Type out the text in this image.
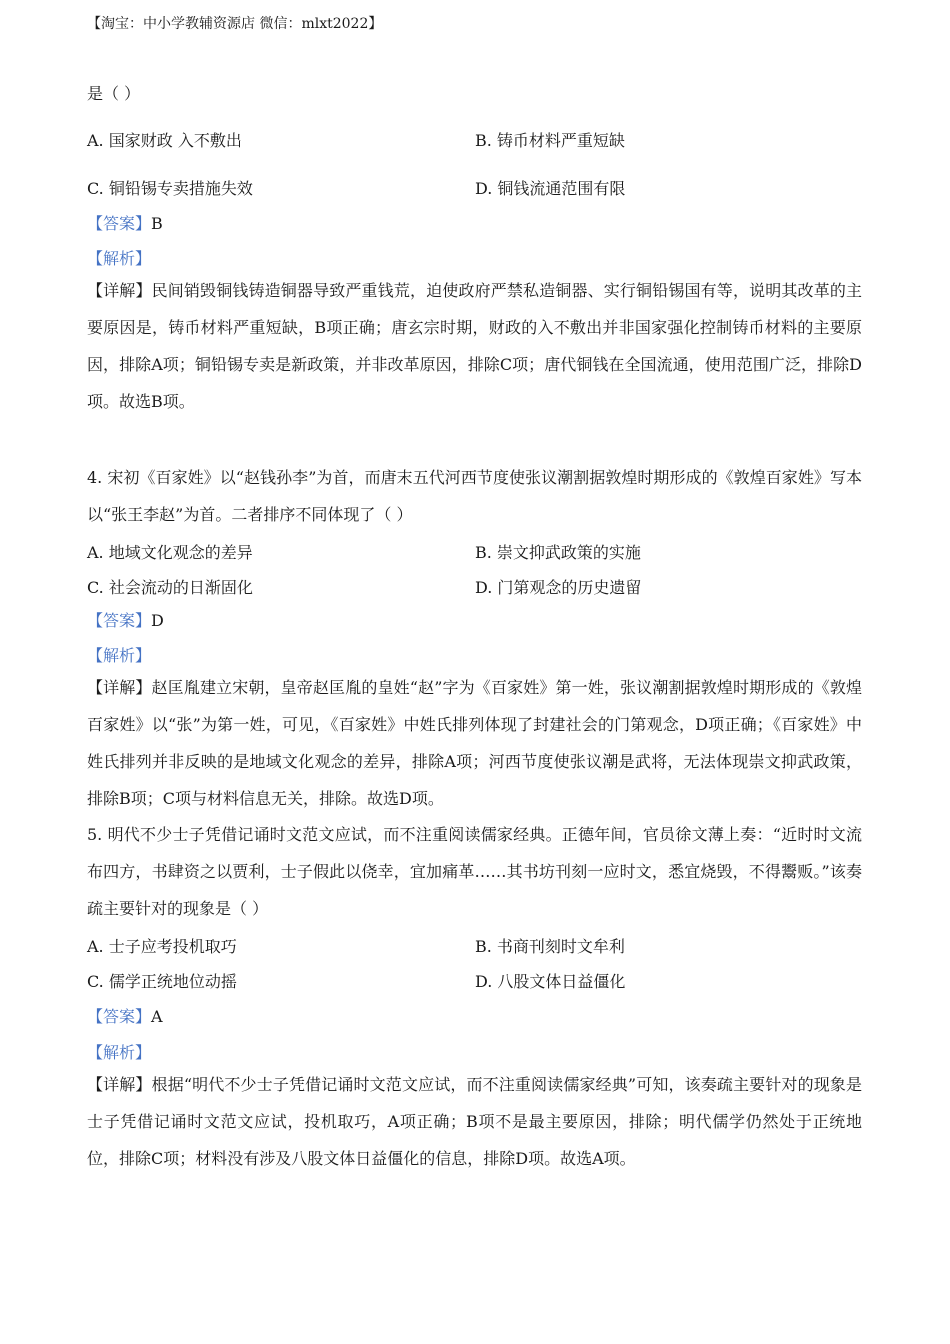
【淘宝：中小学教辅资源店 微信：mlxt2022】
是（ ）
A. 国家财政 入不敷出	B. 铸币材料严重短缺
C. 铜铅锡专卖措施失效	D. 铜钱流通范围有限
【答案】B
【解析】
【详解】民间销毁铜钱铸造铜器导致严重钱荒，迫使政府严禁私造铜器、实行铜铅锡国有等，说明其改革的主要原因是，铸币材料严重短缺，B项正确；唐玄宗时期，财政的入不敷出并非国家强化控制铸币材料的主要原因，排除A项；铜铅锡专卖是新政策，并非改革原因，排除C项；唐代铜钱在全国流通，使用范围广泛，排除D项。故选B项。
4. 宋初《百家姓》以“赵钱孙李”为首，而唐末五代河西节度使张议潮割据敦煌时期形成的《敦煌百家姓》写本以“张王李赵”为首。二者排序不同体现了（ ）
A. 地域文化观念的差异	B. 崇文抑武政策的实施
C. 社会流动的日渐固化	D. 门第观念的历史遗留
【答案】D
【解析】
【详解】赵匡胤建立宋朝，皇帝赵匡胤的皇姓“赵”字为《百家姓》第一姓，张议潮割据敦煌时期形成的《敦煌百家姓》以“张”为第一姓，可见，《百家姓》中姓氏排列体现了封建社会的门第观念，D项正确；《百家姓》中姓氏排列并非反映的是地域文化观念的差异，排除A项；河西节度使张议潮是武将，无法体现崇文抑武政策，排除B项；C项与材料信息无关，排除。故选D项。
5. 明代不少士子凭借记诵时文范文应试，而不注重阅读儒家经典。正德年间，官员徐文薄上奏：“近时时文流布四方，书肆资之以贾利，士子假此以侥幸，宜加痛革……其书坊刊刻一应时文，悉宜烧毁，不得鬻贩。”该奏疏主要针对的现象是（ ）
A. 士子应考投机取巧	B. 书商刊刻时文牟利
C. 儒学正统地位动摇	D. 八股文体日益僵化
【答案】A
【解析】
【详解】根据“明代不少士子凭借记诵时文范文应试，而不注重阅读儒家经典”可知，该奏疏主要针对的现象是士子凭借记诵时文范文应试，投机取巧，A项正确；B项不是最主要原因，排除；明代儒学仍然处于正统地位，排除C项；材料没有涉及八股文体日益僵化的信息，排除D项。故选A项。
